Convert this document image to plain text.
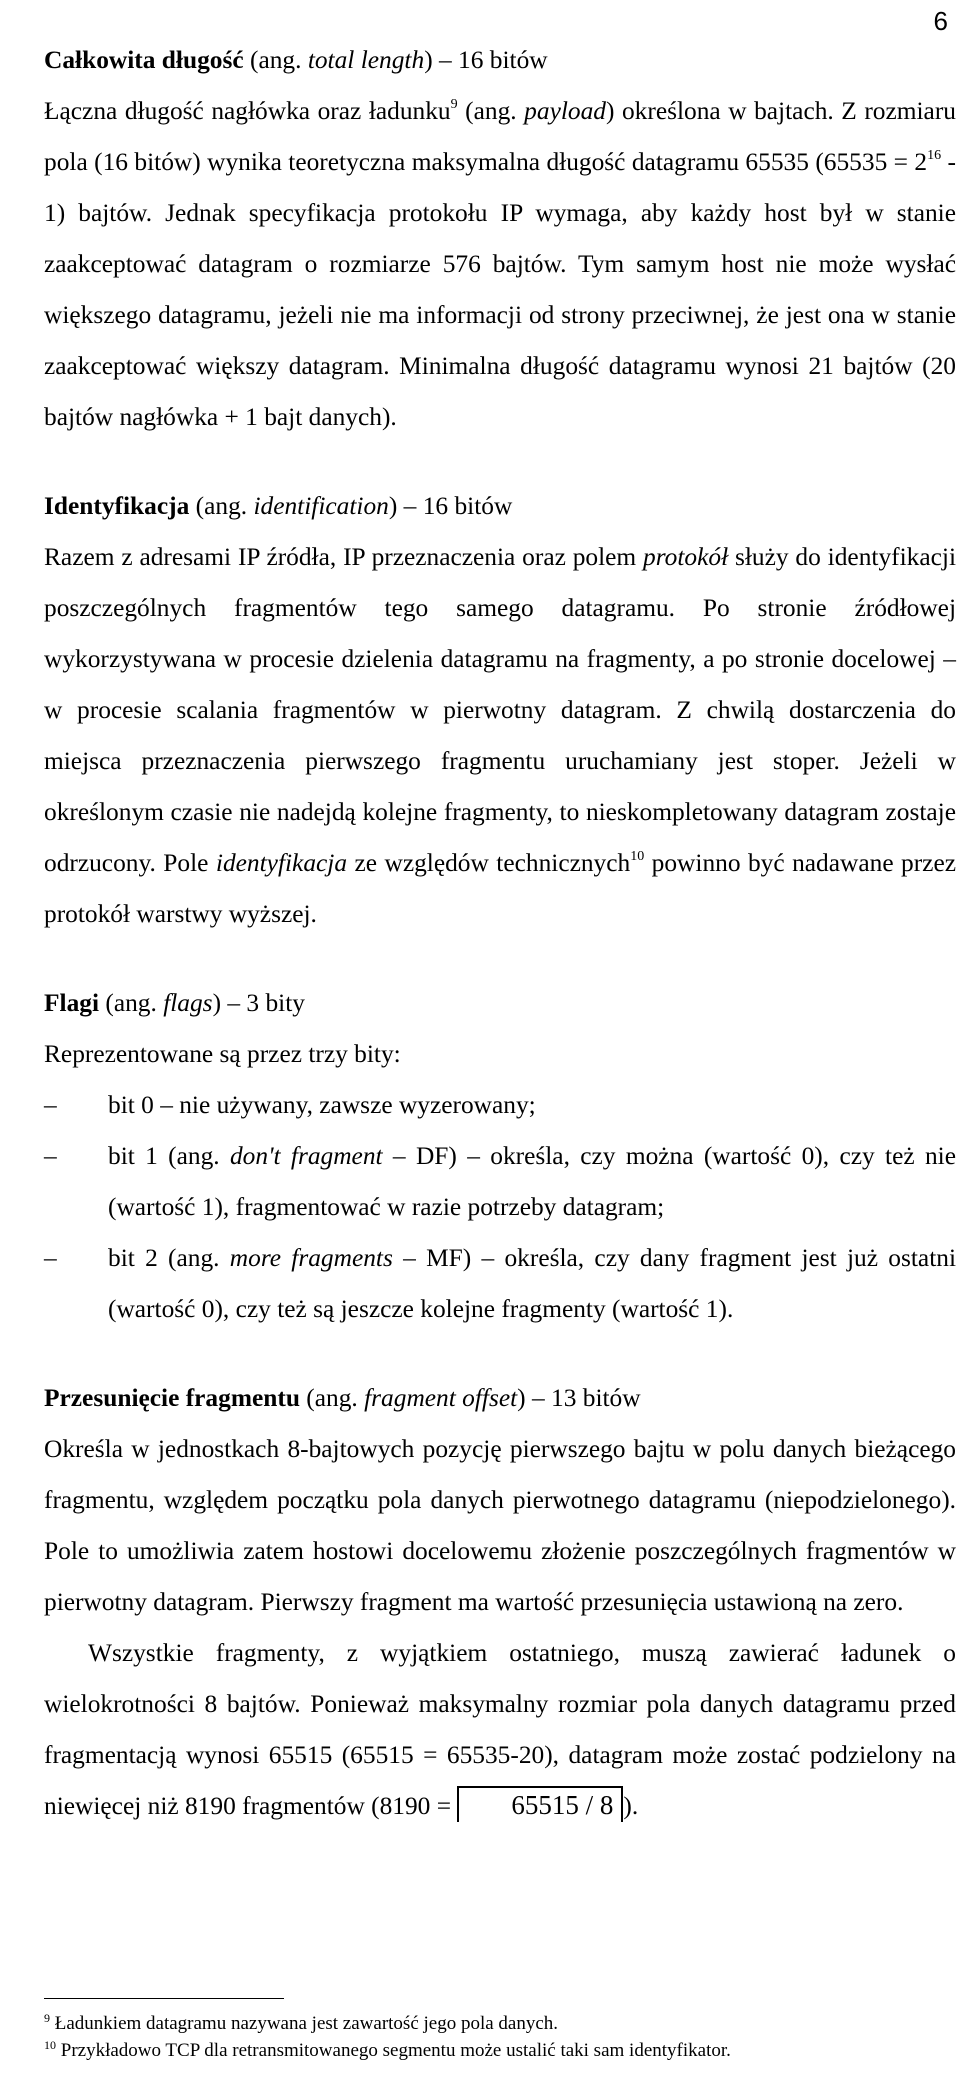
6
Całkowita długość (ang. total length) – 16 bitów

Łączna długość nagłówka oraz ładunku$^9$ (ang. payload) określona w bajtach. Z rozmiaru pola (16 bitów) wynika teoretyczna maksymalna długość datagramu 65535 $(65535 = 2^{16} - 1)$ bajtów. Jednak specyfikacja protokołu IP wymaga, aby każdy host był w stanie zaakceptować datagram o rozmiarze 576 bajtów. Tym samym host nie może wysłać większego datagramu, jeżeli nie ma informacji od strony przeciwnej, że jest ona w stanie zaakceptować większy datagram. Minimalna długość datagramu wynosi 21 bajtów (20 bajtów nagłówka + 1 bajt danych).

Identyfikacja (ang. identification) – 16 bitów

Razem z adresami IP źródła, IP przeznaczenia oraz polem protokół służy do identyfikacji poszczególnych fragmentów tego samego datagramu. Po stronie źródłowej wykorzystywana w procesie dzielenia datagramu na fragmenty, a po stronie docelowej – w procesie scalania fragmentów w pierwotny datagram. Z chwilą dostarczenia do miejsca przeznaczenia pierwszego fragmentu uruchamiany jest stoper. Jeżeli w określonym czasie nie nadejdą kolejne fragmenty, to nieskompletowany datagram zostaje odrzucony. Pole identyfikacja ze względów technicznych$^{10}$ powinno być nadawane przez protokół warstwy wyższej.

Flagi (ang. flags) – 3 bity

Reprezentowane są przez trzy bity:

–	bit 0 – nie używany, zawsze wyzerowany;
–	bit 1 (ang. don't fragment – DF) – określa, czy można (wartość 0), czy też nie (wartość 1), fragmentować w razie potrzeby datagram;
–	bit 2 (ang. more fragments – MF) – określa, czy dany fragment jest już ostatni (wartość 0), czy też są jeszcze kolejne fragmenty (wartość 1).
Przesunięcie fragmentu (ang. fragment offset) – 13 bitów

Określa w jednostkach 8-bajtowych pozycję pierwszego bajtu w polu danych bieżącego fragmentu, względem początku pola danych pierwotnego datagramu (niepodzielonego). Pole to umożliwia zatem hostowi docelowemu złożenie poszczególnych fragmentów w pierwotny datagram. Pierwszy fragment ma wartość przesunięcia ustawioną na zero.

Wszystkie fragmenty, z wyjątkiem ostatniego, muszą zawierać ładunek o wielokrotności 8 bajtów. Ponieważ maksymalny rozmiar pola danych datagramu przed fragmentacją wynosi 65515 (65515 = 65535-20), datagram może zostać podzielony na niewięcej niż 8190 fragmentów (8190 = 65515 / 8 ).

$^9$ Ładunkiem datagramu nazywana jest zawartość jego pola danych.
$^{10}$ Przykładowo TCP dla retransmitowanego segmentu może ustalić taki sam identyfikator.
